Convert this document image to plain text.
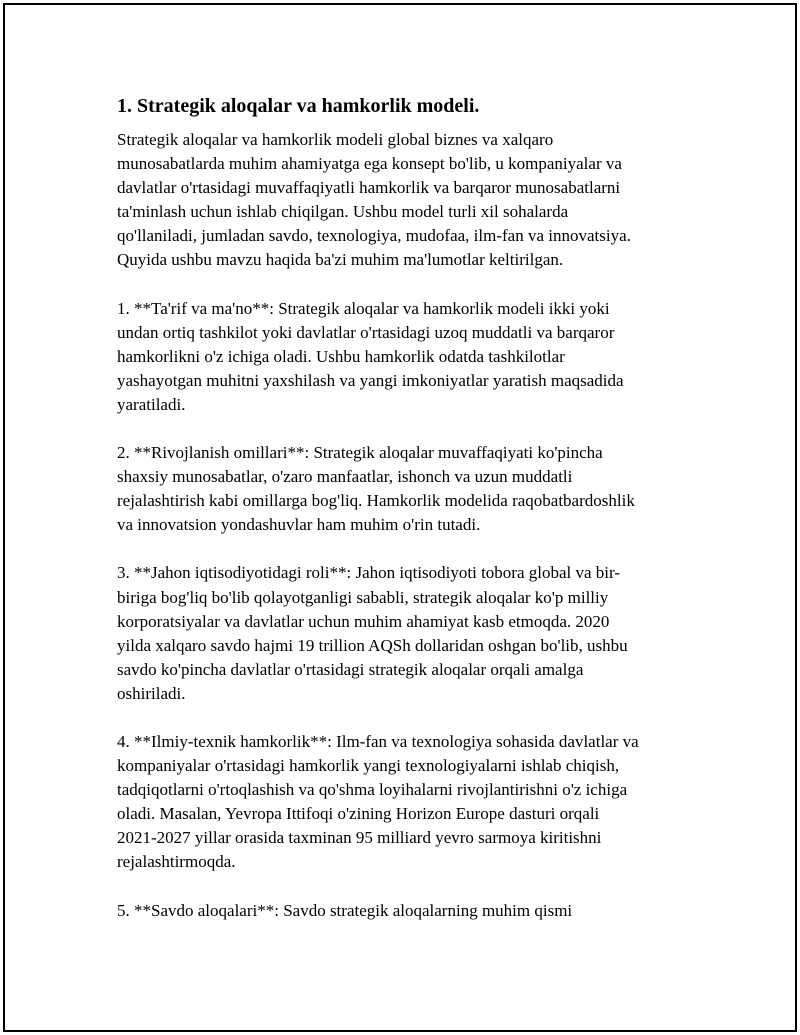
1. Strategik aloqalar va hamkorlik modeli.
Strategik aloqalar va hamkorlik modeli global biznes va xalqaro
munosabatlarda muhim ahamiyatga ega konsept bo'lib, u kompaniyalar va
davlatlar o'rtasidagi muvaffaqiyatli hamkorlik va barqaror munosabatlarni
ta'minlash uchun ishlab chiqilgan. Ushbu model turli xil sohalarda
qo'llaniladi, jumladan savdo, texnologiya, mudofaa, ilm-fan va innovatsiya.
Quyida ushbu mavzu haqida ba'zi muhim ma'lumotlar keltirilgan.
1. **Ta'rif va ma'no**: Strategik aloqalar va hamkorlik modeli ikki yoki
undan ortiq tashkilot yoki davlatlar o'rtasidagi uzoq muddatli va barqaror
hamkorlikni o'z ichiga oladi. Ushbu hamkorlik odatda tashkilotlar
yashayotgan muhitni yaxshilash va yangi imkoniyatlar yaratish maqsadida
yaratiladi.
2. **Rivojlanish omillari**: Strategik aloqalar muvaffaqiyati ko'pincha
shaxsiy munosabatlar, o'zaro manfaatlar, ishonch va uzun muddatli
rejalashtirish kabi omillarga bog'liq. Hamkorlik modelida raqobatbardoshlik
va innovatsion yondashuvlar ham muhim o'rin tutadi.
3. **Jahon iqtisodiyotidagi roli**: Jahon iqtisodiyoti tobora global va bir-
biriga bog'liq bo'lib qolayotganligi sababli, strategik aloqalar ko'p milliy
korporatsiyalar va davlatlar uchun muhim ahamiyat kasb etmoqda. 2020
yilda xalqaro savdo hajmi 19 trillion AQSh dollaridan oshgan bo'lib, ushbu
savdo ko'pincha davlatlar o'rtasidagi strategik aloqalar orqali amalga
oshiriladi.
4. **Ilmiy-texnik hamkorlik**: Ilm-fan va texnologiya sohasida davlatlar va
kompaniyalar o'rtasidagi hamkorlik yangi texnologiyalarni ishlab chiqish,
tadqiqotlarni o'rtoqlashish va qo'shma loyihalarni rivojlantirishni o'z ichiga
oladi. Masalan, Yevropa Ittifoqi o'zining Horizon Europe dasturi orqali
2021-2027 yillar orasida taxminan 95 milliard yevro sarmoya kiritishni
rejalashtirmoqda.
5. **Savdo aloqalari**: Savdo strategik aloqalarning muhim qismi
